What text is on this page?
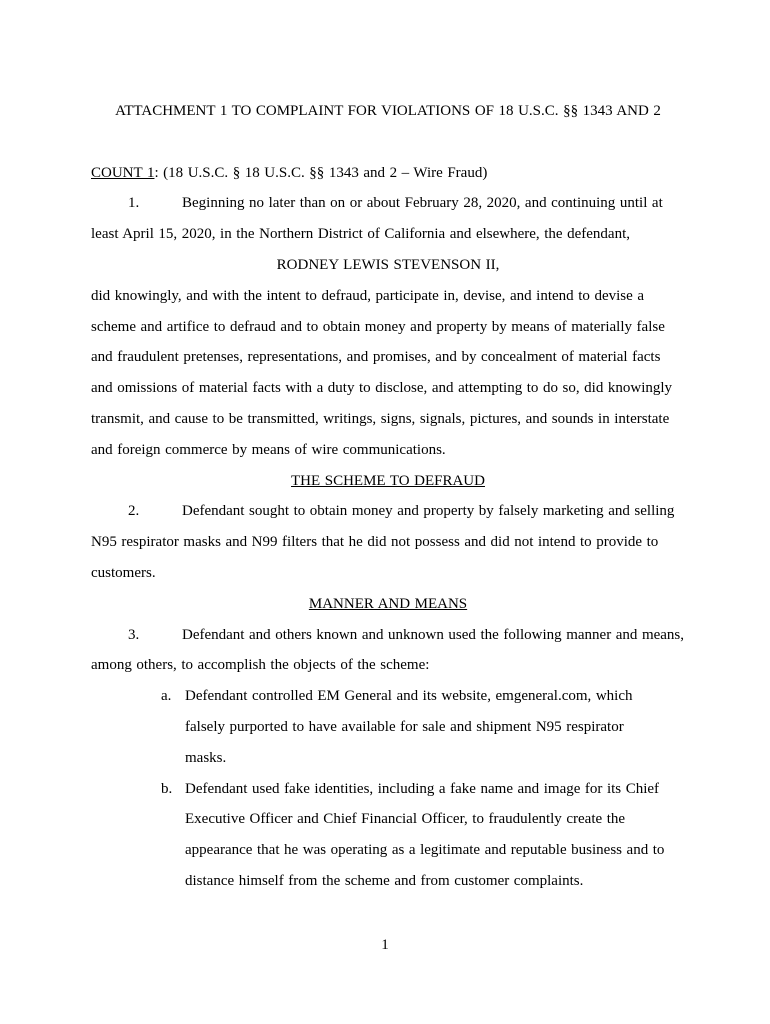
ATTACHMENT 1 TO COMPLAINT FOR VIOLATIONS OF 18 U.S.C. §§ 1343 AND 2
COUNT 1: (18 U.S.C. § 18 U.S.C. §§ 1343 and 2 – Wire Fraud)
1.	Beginning no later than on or about February 28, 2020, and continuing until at
least April 15, 2020, in the Northern District of California and elsewhere, the defendant,
RODNEY LEWIS STEVENSON II,
did knowingly, and with the intent to defraud, participate in, devise, and intend to devise a
scheme and artifice to defraud and to obtain money and property by means of materially false
and fraudulent pretenses, representations, and promises, and by concealment of material facts
and omissions of material facts with a duty to disclose, and attempting to do so, did knowingly
transmit, and cause to be transmitted, writings, signs, signals, pictures, and sounds in interstate
and foreign commerce by means of wire communications.
THE SCHEME TO DEFRAUD
2.	Defendant sought to obtain money and property by falsely marketing and selling
N95 respirator masks and N99 filters that he did not possess and did not intend to provide to
customers.
MANNER AND MEANS
3.	Defendant and others known and unknown used the following manner and means,
among others, to accomplish the objects of the scheme:
a. Defendant controlled EM General and its website, emgeneral.com, which
falsely purported to have available for sale and shipment N95 respirator
masks.
b. Defendant used fake identities, including a fake name and image for its Chief
Executive Officer and Chief Financial Officer, to fraudulently create the
appearance that he was operating as a legitimate and reputable business and to
distance himself from the scheme and from customer complaints.
1
